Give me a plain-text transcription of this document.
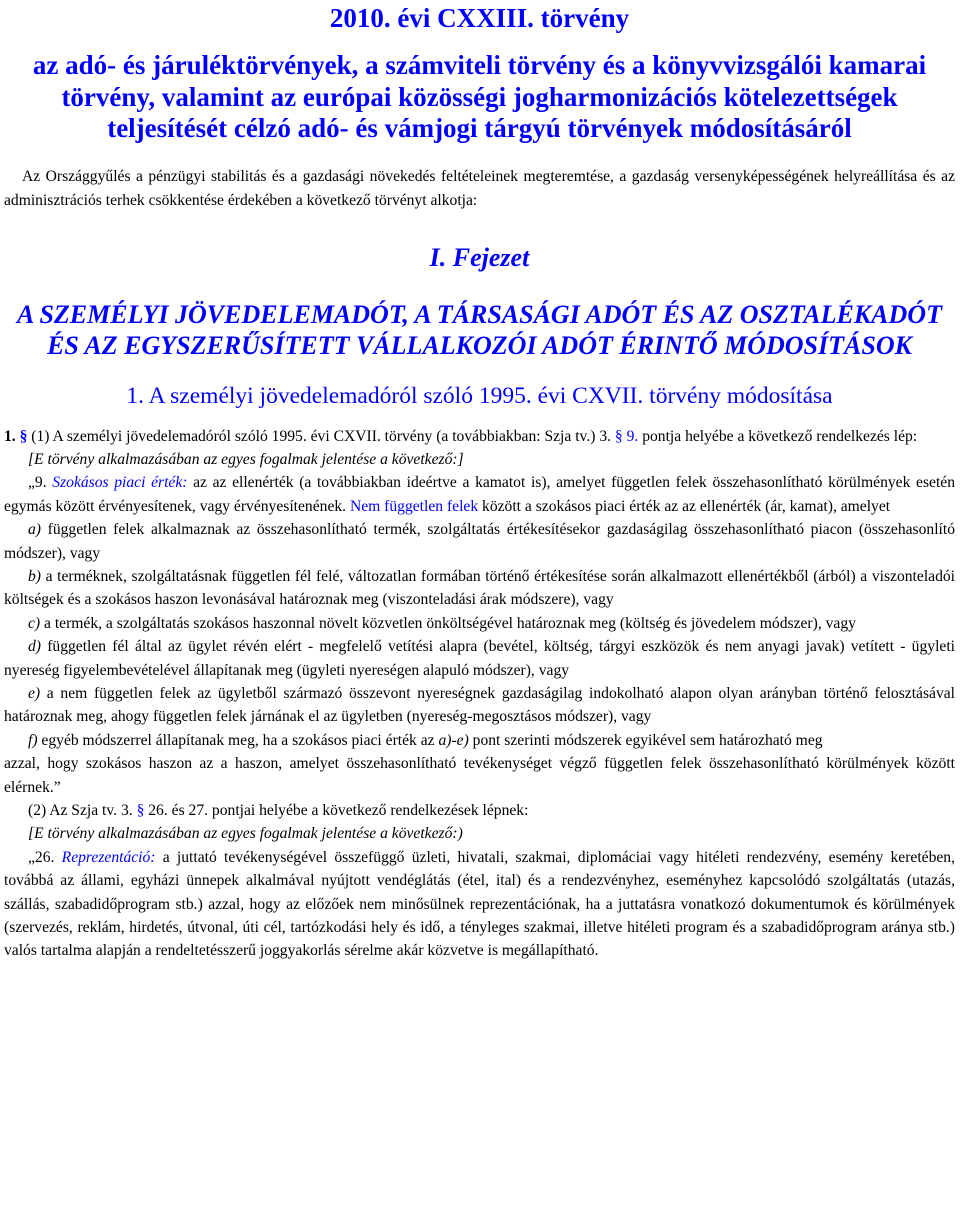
2010. évi CXXIII. törvény
az adó- és járuléktörvények, a számviteli törvény és a könyvvizsgálói kamarai törvény, valamint az európai közösségi jogharmonizációs kötelezettségek teljesítését célzó adó- és vámjogi tárgyú törvények módosításáról

Az Országgyűlés a pénzügyi stabilitás és a gazdasági növekedés feltételeinek megteremtése, a gazdaság versenyképességének helyreállítása és az adminisztrációs terhek csökkentése érdekében a következő törvényt alkotja:

I. Fejezet
A SZEMÉLYI JÖVEDELEMADÓT, A TÁRSASÁGI ADÓT ÉS AZ OSZTALÉKADÓT ÉS AZ EGYSZERŰSÍTETT VÁLLALKOZÓI ADÓT ÉRINTŐ MÓDOSÍTÁSOK
1. A személyi jövedelemadóról szóló 1995. évi CXVII. törvény módosítása

1. § (1) A személyi jövedelemadóról szóló 1995. évi CXVII. törvény (a továbbiakban: Szja tv.) 3. § 9. pontja helyébe a következő rendelkezés lép:

[E törvény alkalmazásában az egyes fogalmak jelentése a következő:]

„9. Szokásos piaci érték: az az ellenérték (a továbbiakban ideértve a kamatot is), amelyet független felek összehasonlítható körülmények esetén egymás között érvényesítenek, vagy érvényesítenének. Nem független felek között a szokásos piaci érték az az ellenérték (ár, kamat), amelyet

a) független felek alkalmaznak az összehasonlítható termék, szolgáltatás értékesítésekor gazdaságilag összehasonlítható piacon (összehasonlító módszer), vagy

b) a terméknek, szolgáltatásnak független fél felé, változatlan formában történő értékesítése során alkalmazott ellenértékből (árból) a viszonteladói költségek és a szokásos haszon levonásával határoznak meg (viszonteladási árak módszere), vagy

c) a termék, a szolgáltatás szokásos haszonnal növelt közvetlen önköltségével határoznak meg (költség és jövedelem módszer), vagy

d) független fél által az ügylet révén elért - megfelelő vetítési alapra (bevétel, költség, tárgyi eszközök és nem anyagi javak) vetített - ügyleti nyereség figyelembevételével állapítanak meg (ügyleti nyereségen alapuló módszer), vagy

e) a nem független felek az ügyletből származó összevont nyereségnek gazdaságilag indokolható alapon olyan arányban történő felosztásával határoznak meg, ahogy független felek járnának el az ügyletben (nyereség-megosztásos módszer), vagy

f) egyéb módszerrel állapítanak meg, ha a szokásos piaci érték az a)-e) pont szerinti módszerek egyikével sem határozható meg

azzal, hogy szokásos haszon az a haszon, amelyet összehasonlítható tevékenységet végző független felek összehasonlítható körülmények között elérnek.”

(2) Az Szja tv. 3. § 26. és 27. pontjai helyébe a következő rendelkezések lépnek:

[E törvény alkalmazásában az egyes fogalmak jelentése a következő:)

„26. Reprezentáció: a juttató tevékenységével összefüggő üzleti, hivatali, szakmai, diplomáciai vagy hitéleti rendezvény, esemény keretében, továbbá az állami, egyházi ünnepek alkalmával nyújtott vendéglátás (étel, ital) és a rendezvényhez, eseményhez kapcsolódó szolgáltatás (utazás, szállás, szabadidőprogram stb.) azzal, hogy az előzőek nem minősülnek reprezentációnak, ha a juttatásra vonatkozó dokumentumok és körülmények (szervezés, reklám, hirdetés, útvonal, úti cél, tartózkodási hely és idő, a tényleges szakmai, illetve hitéleti program és a szabadidőprogram aránya stb.) valós tartalma alapján a rendeltetésszerű joggyakorlás sérelme akár közvetve is megállapítható.
